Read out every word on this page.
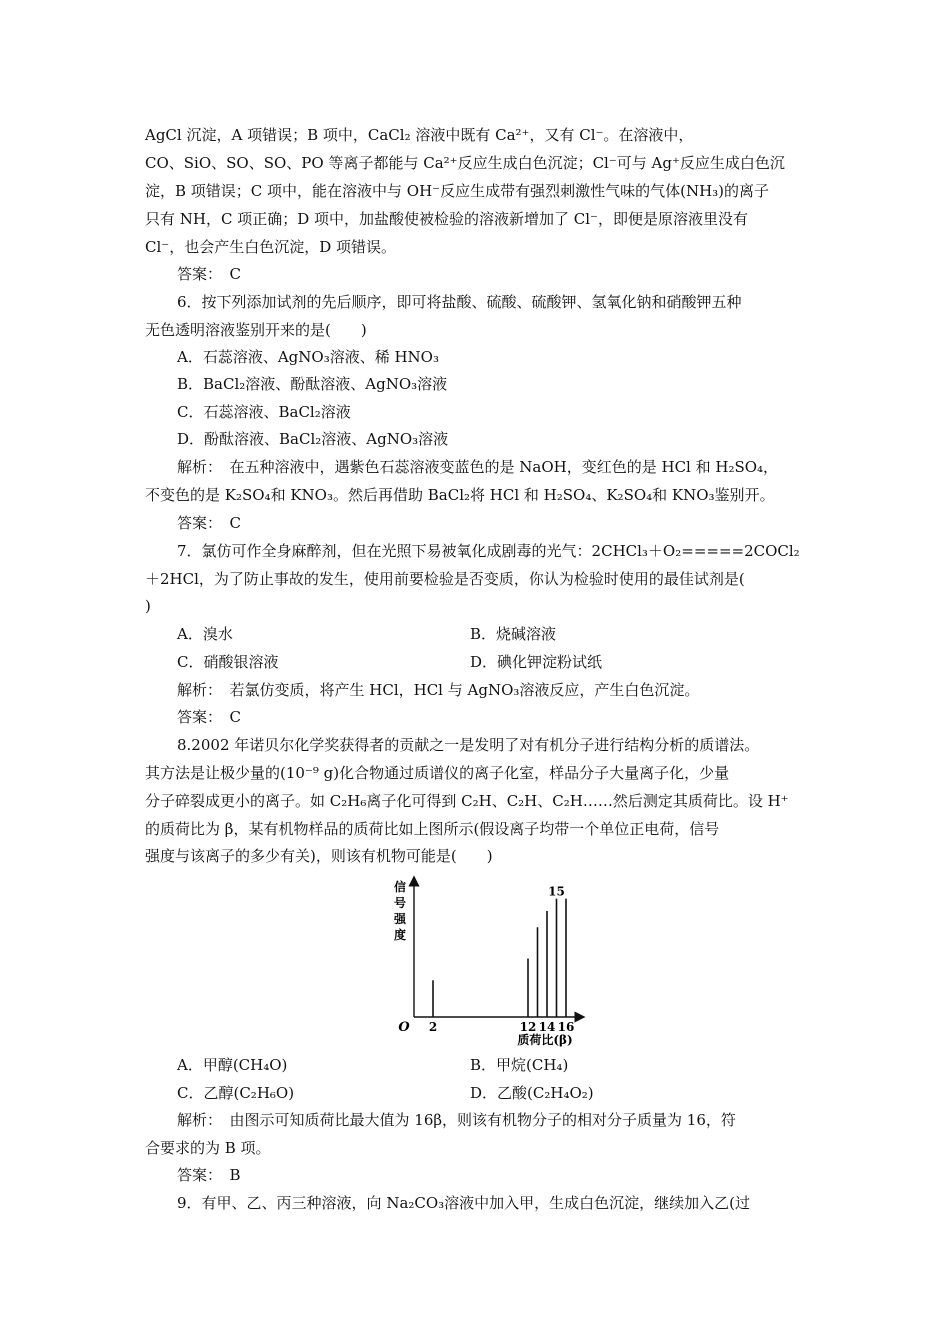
AgCl 沉淀，A 项错误；B 项中，CaCl₂ 溶液中既有 Ca²⁺，又有 Cl⁻。在溶液中，
CO、SiO、SO、SO、PO 等离子都能与 Ca²⁺反应生成白色沉淀；Cl⁻可与 Ag⁺反应生成白色沉
淀，B 项错误；C 项中，能在溶液中与 OH⁻反应生成带有强烈刺激性气味的气体(NH₃)的离子
只有 NH，C 项正确；D 项中，加盐酸使被检验的溶液新增加了 Cl⁻，即便是原溶液里没有
Cl⁻，也会产生白色沉淀，D 项错误。
答案：　C
6．按下列添加试剂的先后顺序，即可将盐酸、硫酸、硫酸钾、氢氧化钠和硝酸钾五种
无色透明溶液鉴别开来的是(　　)
A．石蕊溶液、AgNO₃溶液、稀 HNO₃
B．BaCl₂溶液、酚酞溶液、AgNO₃溶液
C．石蕊溶液、BaCl₂溶液
D．酚酞溶液、BaCl₂溶液、AgNO₃溶液
解析：　在五种溶液中，遇紫色石蕊溶液变蓝色的是 NaOH，变红色的是 HCl 和 H₂SO₄，
不变色的是 K₂SO₄和 KNO₃。然后再借助 BaCl₂将 HCl 和 H₂SO₄、K₂SO₄和 KNO₃鉴别开。
答案：　C
7．氯仿可作全身麻醉剂，但在光照下易被氧化成剧毒的光气：2CHCl₃＋O₂=====2COCl₂
＋2HCl，为了防止事故的发生，使用前要检验是否变质，你认为检验时使用的最佳试剂是(
)
A．溴水	B．烧碱溶液
C．硝酸银溶液	D．碘化钾淀粉试纸
解析：　若氯仿变质，将产生 HCl，HCl 与 AgNO₃溶液反应，产生白色沉淀。
答案：　C
8.2002 年诺贝尔化学奖获得者的贡献之一是发明了对有机分子进行结构分析的质谱法。
其方法是让极少量的(10⁻⁹ g)化合物通过质谱仪的离子化室，样品分子大量离子化，少量
分子碎裂成更小的离子。如 C₂H₆离子化可得到 C₂H、C₂H、C₂H……然后测定其质荷比。设 H⁺
的质荷比为 β，某有机物样品的质荷比如上图所示(假设离子均带一个单位正电荷，信号
强度与该离子的多少有关)，则该有机物可能是(　　)
信
号
强
度
O 2	12 14 16
15
质荷比(β)
A．甲醇(CH₄O)	B．甲烷(CH₄)
C．乙醇(C₂H₆O)	D．乙酸(C₂H₄O₂)
解析：　由图示可知质荷比最大值为 16β，则该有机物分子的相对分子质量为 16，符
合要求的为 B 项。
答案：　B
9．有甲、乙、丙三种溶液，向 Na₂CO₃溶液中加入甲，生成白色沉淀，继续加入乙(过
